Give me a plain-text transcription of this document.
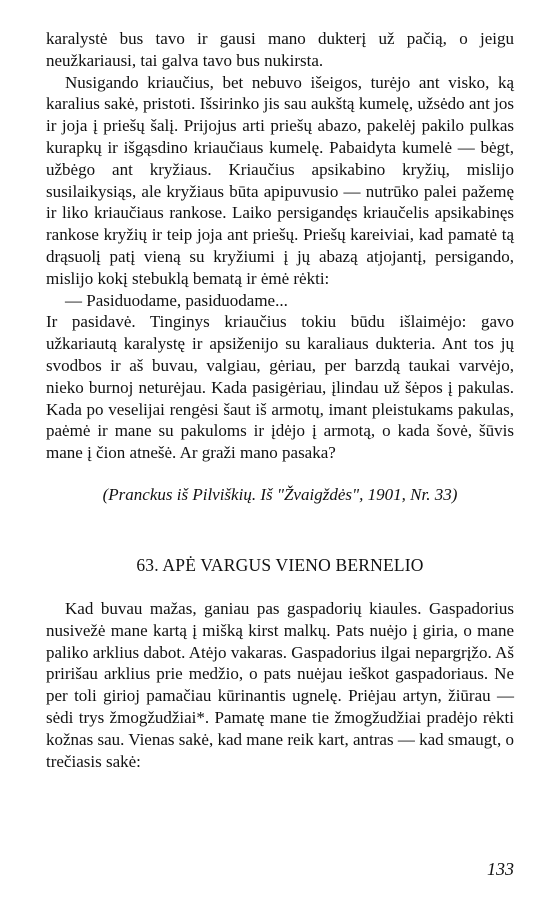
karalystė bus tavo ir gausi mano dukterį už pačią, o jeigu neužkariausi, tai galva tavo bus nukirsta.

Nusigando kriaučius, bet nebuvo išeigos, turėjo ant visko, ką karalius sakė, pristoti. Išsirinko jis sau aukštą kumelę, užsėdo ant jos ir joja į priešų šalį. Prijojus arti priešų abazo, pakelėj pakilo pulkas kurapkų ir išgąsdino kriaučiaus kumelę. Pabaidyta kumelė — bėgt, užbėgo ant kryžiaus. Kriaučius apsikabino kryžių, mislijo susilaikysiąs, ale kryžiaus būta apipuvusio — nutrūko palei pažemę ir liko kriaučiaus rankose. Laiko persigandęs kriaučelis apsikabinęs rankose kryžių ir teip joja ant priešų. Priešų kareiviai, kad pamatė tą drąsuolį patį vieną su kryžiumi į jų abazą atjojantį, persigando, mislijo kokį stebuklą bematą ir ėmė rėkti:

— Pasiduodame, pasiduodame...

Ir pasidavė. Tinginys kriaučius tokiu būdu išlaimėjo: gavo užkariautą karalystę ir apsiženijo su karaliaus dukteria. Ant tos jų svodbos ir aš buvau, valgiau, gėriau, per barzdą taukai varvėjo, nieko burnoj neturėjau. Kada pasigėriau, įlindau už šėpos į pakulas. Kada po veselijai rengėsi šaut iš armotų, imant pleistukams pakulas, paėmė ir mane su pakuloms ir įdėjo į armotą, o kada šovė, šūvis mane į čion atnešė. Ar graži mano pasaka?

(Pranckus iš Pilviškių. Iš "Žvaigždės", 1901, Nr. 33)

63. APĖ VARGUS VIENO BERNELIO

Kad buvau mažas, ganiau pas gaspadorių kiaules. Gaspadorius nusivežė mane kartą į mišką kirst malkų. Pats nuėjo į giria, o mane paliko arklius dabot. Atėjo vakaras. Gaspadorius ilgai nepargrįžo. Aš pririšau arklius prie medžio, o pats nuėjau ieškot gaspadoriaus. Ne per toli girioj pamačiau kūrinantis ugnelę. Priėjau artyn, žiūrau — sėdi trys žmogžudžiai*. Pamatę mane tie žmogžudžiai pradėjo rėkti kožnas sau. Vienas sakė, kad mane reik kart, antras — kad smaugt, o trečiasis sakė:

133
